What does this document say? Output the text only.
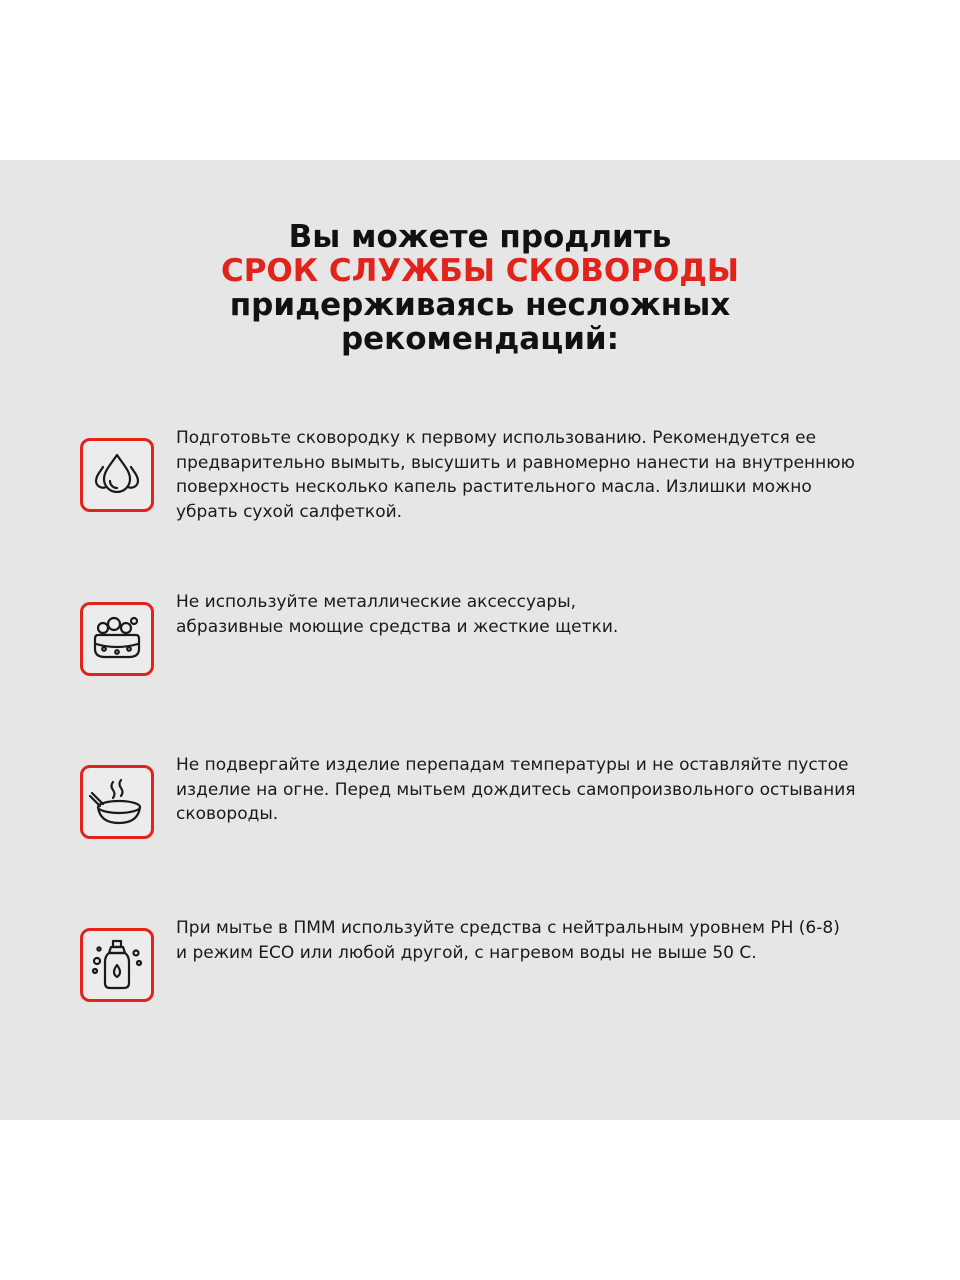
Вы можете продлить
СРОК СЛУЖБЫ СКОВОРОДЫ
придерживаясь несложных
рекомендаций:

Подготовьте сковородку к первому использованию. Рекомендуется ее
предварительно вымыть, высушить и равномерно нанести на внутреннюю
поверхность несколько капель растительного масла. Излишки можно
убрать сухой салфеткой.

Не используйте металлические аксессуары,
абразивные моющие средства и жесткие щетки.

Не подвергайте изделие перепадам температуры и не оставляйте пустое
изделие на огне. Перед мытьем дождитесь самопроизвольного остывания
сковороды.

При мытье в ПММ используйте средства с нейтральным уровнем PH (6-8)
и режим ECO или любой другой, с нагревом воды не выше 50 С.
